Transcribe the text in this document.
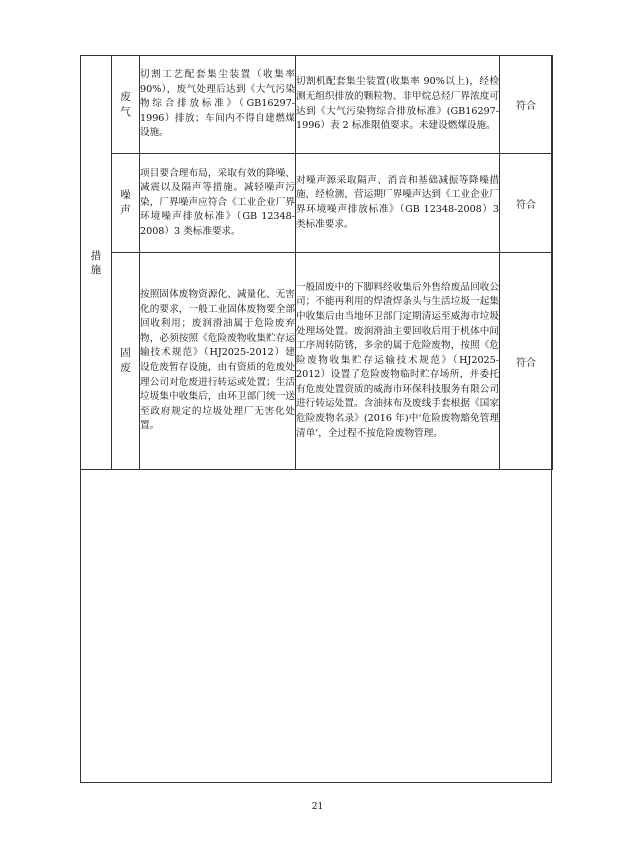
措施	废气	切割工艺配套集尘装置（收集率 90%），废气处理后达到《大气污染物综合排放标准》（GB16297-1996）排放；车间内不得自建燃煤设施。	切割机配套集尘装置(收集率 90%以上)，经检测无组织排放的颗粒物、非甲烷总烃厂界浓度可达到《大气污染物综合排放标准》(GB16297-1996）表 2 标准限值要求。未建设燃煤设施。	符合

	噪声	项目要合理布局，采取有效的降噪、减震以及隔声等措施。减轻噪声污染，厂界噪声应符合《工业企业厂界环境噪声排放标准》（GB 12348-2008）3 类标准要求。	对噪声源采取隔声、消音和基础减振等降噪措施，经检测，营运期厂界噪声达到《工业企业厂界环境噪声排放标准》（GB 12348-2008）3 类标准要求。	符合

	固废	按照固体废物资源化、减量化、无害化的要求，一般工业固体废物要全部回收利用；废润滑油属于危险废弃物，必须按照《危险废物收集贮存运输技术规范》（HJ2025-2012）建设危废暂存设施，由有资质的危废处理公司对危废进行转运或处置；生活垃圾集中收集后，由环卫部门统一送至政府规定的垃圾处理厂无害化处置。	一般固废中的下脚料经收集后外售给废品回收公司；不能再利用的焊渣焊条头与生活垃圾一起集中收集后由当地环卫部门定期清运至威海市垃圾处理场处置。废润滑油主要回收后用于机体中间工序周转防锈，多余的属于危险废物，按照《危险废物收集贮存运输技术规范》（HJ2025-2012）设置了危险废物临时贮存场所，并委托有危废处置资质的威海市环保科技服务有限公司进行转运处置。含油抹布及废线手套根据《国家危险废物名录》(2016 年)中‘危险废物豁免管理清单’，全过程不按危险废物管理。	符合
21
